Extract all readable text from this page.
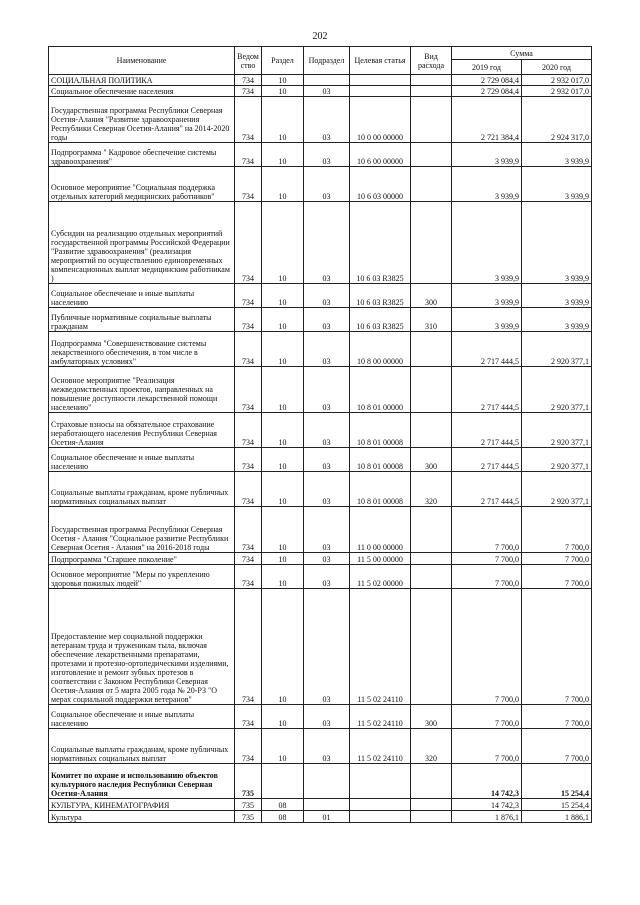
202
Наименование	Ведом ство	Раздел	Подраздел	Целевая статья	Вид расхода	Сумма	
						2019 год	2020 год
СОЦИАЛЬНАЯ ПОЛИТИКА	734	10				2 729 084,4	2 932 017,0
Социальное обеспечение населения	734	10	03			2 729 084,4	2 932 017,0
Государственная программа Республики Северная Осетия-Алания "Развитие здравоохранения Республики Северная Осетия-Алания" на 2014-2020 годы	734	10	03	10 0 00 00000		2 721 384,4	2 924 317,0
Подпрограмма " Кадровое обеспечение системы здравоохранения"	734	10	03	10 6 00 00000		3 939,9	3 939,9
Основное мероприятие "Социальная поддержка отдельных категорий медицинских работников"	734	10	03	10 6 03 00000		3 939,9	3 939,9
Субсидии на реализацию отдельных мероприятий государственной программы Российской Федерации "Развитие здравоохранения" (реализация мероприятий по осуществлению единовременных компенсационных выплат медицинским работникам )	734	10	03	10 6 03 R3825		3 939,9	3 939,9
Социальное обеспечение и иные выплаты населению	734	10	03	10 6 03 R3825	300	3 939,9	3 939,9
Публичные нормативные социальные выплаты гражданам	734	10	03	10 6 03 R3825	310	3 939,9	3 939,9
Подпрограмма "Совершенствование системы лекарственного обеспечения, в том числе в амбулаторных условиях"	734	10	03	10 8 00 00000		2 717 444,5	2 920 377,1
Основное мероприятие "Реализация межведомственных проектов, направленных на повышение доступности лекарственной помощи населению"	734	10	03	10 8 01 00000		2 717 444,5	2 920 377,1
Страховые взносы на обязательное страхование неработающего населения Республики Северная Осетия-Алания	734	10	03	10 8 01 00008		2 717 444,5	2 920 377,1
Социальное обеспечение и иные выплаты населению	734	10	03	10 8 01 00008	300	2 717 444,5	2 920 377,1
Социальные выплаты гражданам, кроме публичных нормативных социальных выплат	734	10	03	10 8 01 00008	320	2 717 444,5	2 920 377,1
Государственная программа Республики Северная Осетия - Алания "Социальное развитие Республики Северная Осетия - Алания" на 2016-2018 годы	734	10	03	11 0 00 00000		7 700,0	7 700,0
Подпрограмма "Старшее поколение"	734	10	03	11 5 00 00000		7 700,0	7 700,0
Основное мероприятие "Меры по укреплению здоровья пожилых людей"	734	10	03	11 5 02 00000		7 700,0	7 700,0
Предоставление мер социальной поддержки ветеранам труда и труженикам тыла, включая обеспечение лекарственными препаратами, протезами и протезно-ортопедическими изделиями, изготовление и ремонт зубных протезов в соответствии с Законом Республики Северная Осетия-Алания от 5 марта 2005 года № 20-РЗ "О мерах социальной поддержки ветеранов"	734	10	03	11 5 02 24110		7 700,0	7 700,0
Социальное обеспечение и иные выплаты населению	734	10	03	11 5 02 24110	300	7 700,0	7 700,0
Социальные выплаты гражданам, кроме публичных нормативных социальных выплат	734	10	03	11 5 02 24110	320	7 700,0	7 700,0
Комитет по охране и использованию объектов культурного наследия Республики Северная Осетия-Алания	735					14 742,3	15 254,4
КУЛЬТУРА, КИНЕМАТОГРАФИЯ	735	08				14 742,3	15 254,4
Культура	735	08	01			1 876,1	1 886,1
